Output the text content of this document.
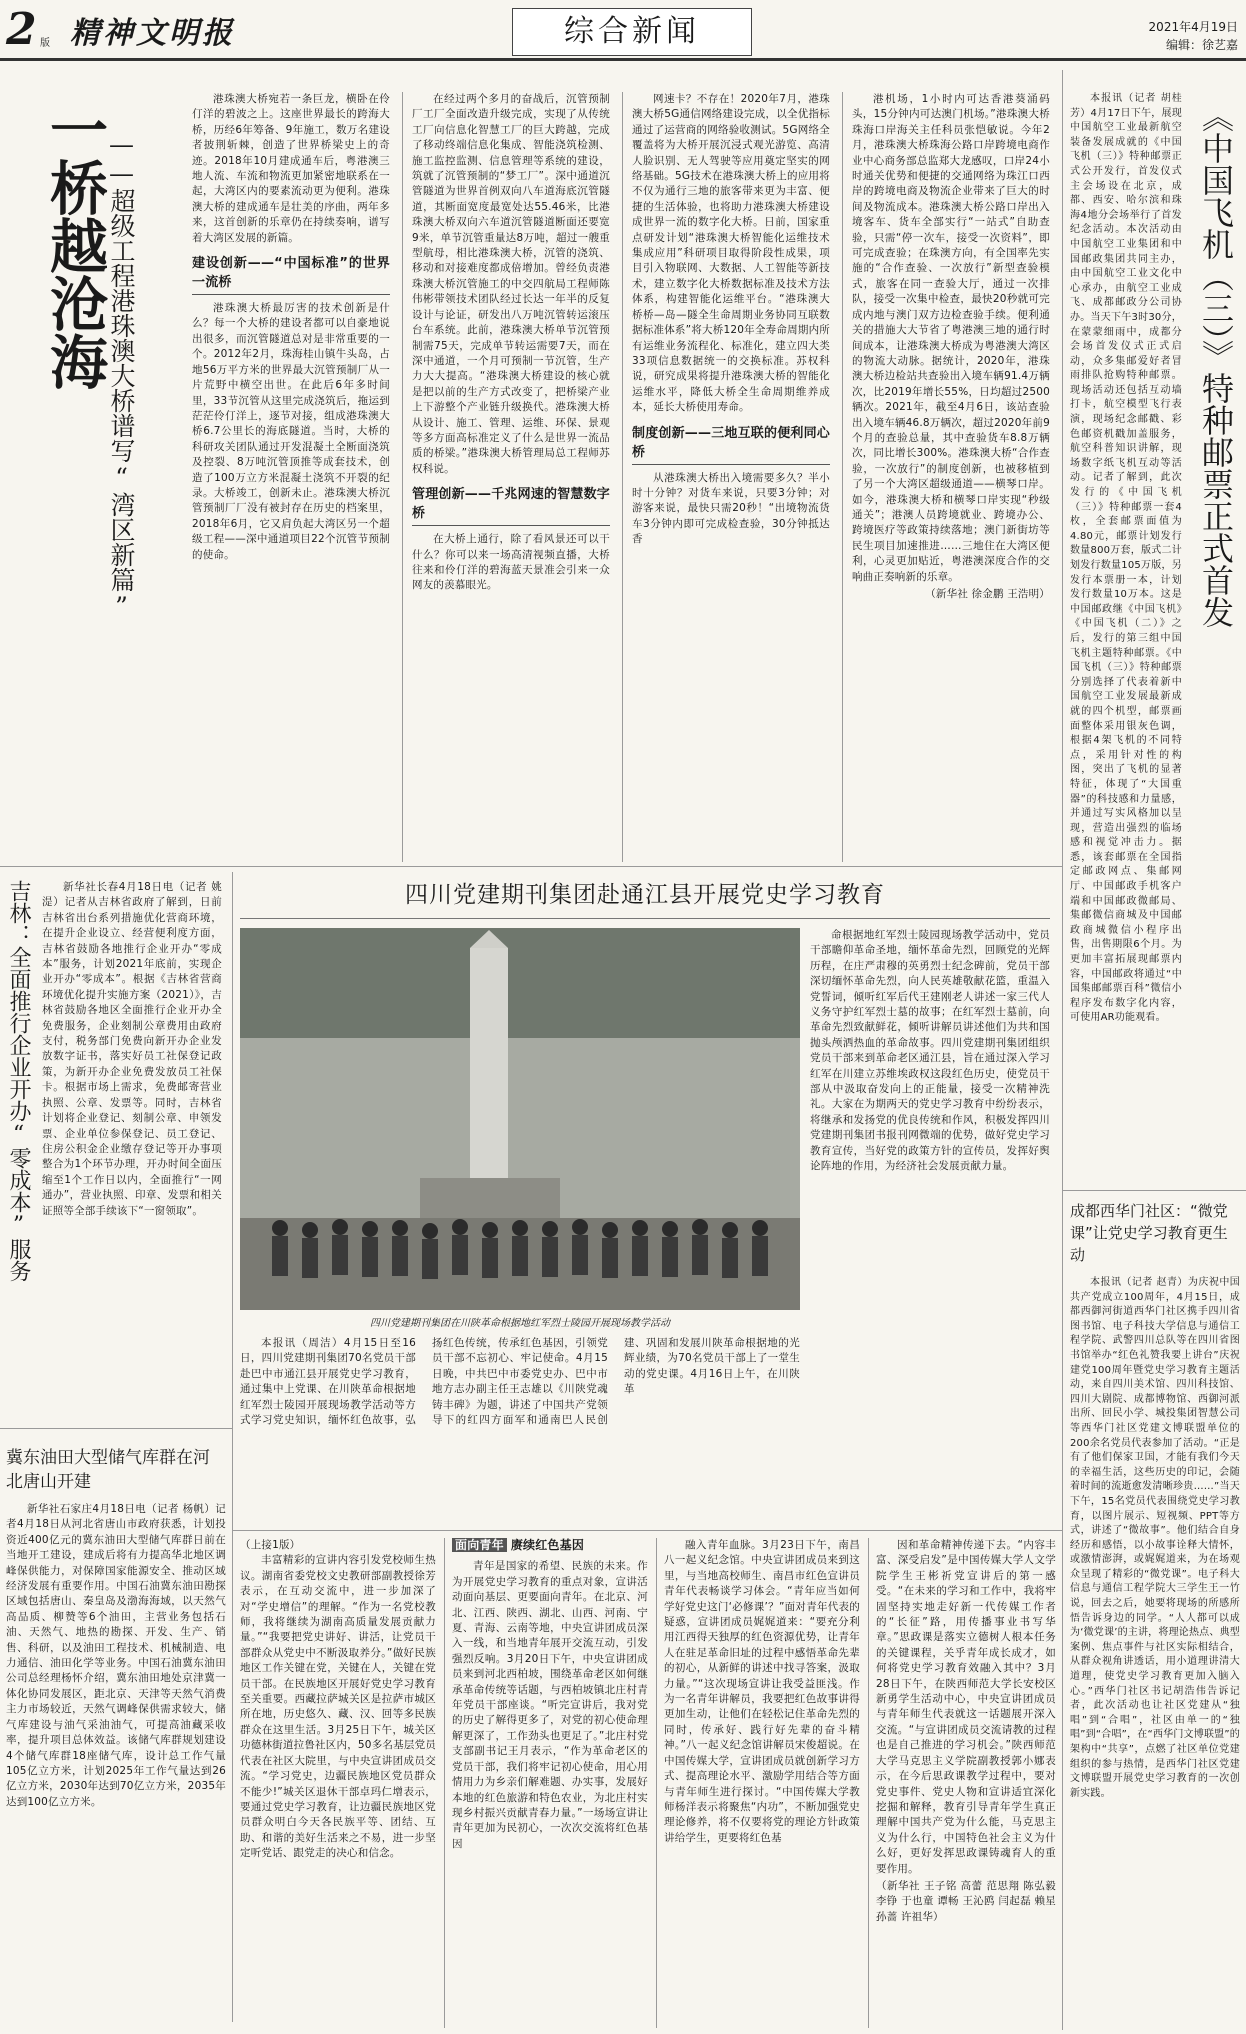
2 版 精神文明报	综合新闻	2021年4月19日
编辑：徐艺嘉
一桥越沧海 ——超级工程港珠澳大桥谱写“湾区新篇”

港珠澳大桥宛若一条巨龙，横卧在伶仃洋的碧波之上。这座世界最长的跨海大桥，历经6年筹备、9年施工，数万名建设者披荆斩棘，创造了世界桥梁史上的奇迹。2018年10月建成通车后，粤港澳三地人流、车流和物流更加紧密地联系在一起，大湾区内的要素流动更为便利。港珠澳大桥的建成通车是壮美的序曲，两年多来，这首创新的乐章仍在持续奏响，谱写着大湾区发展的新篇。

建设创新——“中国标准”的世界一流桥

港珠澳大桥最厉害的技术创新是什么？每一个大桥的建设者都可以自豪地说出很多，而沉管隧道总对是非常重要的一个。2012年2月，珠海桂山镇牛头岛，占地56万平方米的世界最大沉管预制厂从一片荒野中横空出世。在此后6年多时间里，33节沉管从这里完成浇筑后，拖运到茫茫伶仃洋上，逐节对接，组成港珠澳大桥6.7公里长的海底隧道。当时，大桥的科研攻关团队通过开发混凝土全断面浇筑及控裂、8万吨沉管顶推等成套技术，创造了100万立方米混凝土浇筑不开裂的纪录。大桥竣工，创新未止。港珠澳大桥沉管预制厂厂没有被封存在历史的档案里，2018年6月，它又肩负起大湾区另一个超级工程——深中通道项目22个沉管节预制的使命。

在经过两个多月的奋战后，沉管预制厂工厂全面改造升级完成，实现了从传统工厂向信息化智慧工厂的巨大跨越，完成了移动终端信息化集成、智能浇筑检测、施工监控监测、信息管理等系统的建设，筑就了沉管预制的“梦工厂”。深中通道沉管隧道为世界首例双向八车道海底沉管隧道，其断面宽度最宽处达55.46米，比港珠澳大桥双向六车道沉管隧道断面还要宽9米，单节沉管重量达8万吨，超过一艘重型航母，相比港珠澳大桥，沉管的浇筑、移动和对接难度都成倍增加。曾经负责港珠澳大桥沉管施工的中交四航局工程师陈伟彬带领技术团队经过长达一年半的反复设计与论证，研发出八万吨沉管转运滚压台车系统。此前，港珠澳大桥单节沉管预制需75天，完成单节转运需要7天，而在深中通道，一个月可预制一节沉管，生产力大大提高。“港珠澳大桥建设的核心就是把以前的生产方式改变了，把桥梁产业上下游整个产业链升级换代。港珠澳大桥从设计、施工、管理、运维、环保、景观等多方面高标准定义了什么是世界一流品质的桥梁。”港珠澳大桥管理局总工程师苏权科说。

管理创新——千兆网速的智慧数字桥

在大桥上通行，除了看风景还可以干什么？你可以来一场高清视频直播，大桥往来和伶仃洋的碧海蓝天景准会引来一众网友的羡慕眼光。

网速卡？不存在！2020年7月，港珠澳大桥5G通信网络建设完成，以全优指标通过了运营商的网络验收测试。5G网络全覆盖将为大桥开展沉浸式观光游览、高清人脸识别、无人驾驶等应用奠定坚实的网络基础。5G技术在港珠澳大桥上的应用将不仅为通行三地的旅客带来更为丰富、便捷的生活体验，也将助力港珠澳大桥建设成世界一流的数字化大桥。日前，国家重点研发计划“港珠澳大桥智能化运维技术集成应用”科研项目取得阶段性成果，项目引入物联网、大数据、人工智能等新技术，建立数字化大桥数据标准及技术方法体系，构建智能化运维平台。“港珠澳大桥桥—岛—隧全生命周期业务协同互联数据标准体系”将大桥120年全寿命周期内所有运维业务流程化、标准化，建立四大类33项信息数据统一的交换标准。苏权科说，研究成果将提升港珠澳大桥的智能化运维水平，降低大桥全生命周期维养成本，延长大桥使用寿命。

制度创新——三地互联的便利同心桥

从港珠澳大桥出入境需要多久？半小时十分钟？对货车来说，只要3分钟；对游客来说，最快只需20秒！“出境物流货车3分钟内即可完成检查验，30分钟抵达香

港机场，1小时内可达香港葵涌码头，15分钟内可达澳门机场。”港珠澳大桥珠海口岸海关主任科员张恺敏说。今年2月，港珠澳大桥珠海公路口岸跨境电商作业中心商务部总监郑大龙感叹，口岸24小时通关优势和便捷的交通网络为珠江口西岸的跨境电商及物流企业带来了巨大的时间及物流成本。港珠澳大桥公路口岸出入境客车、货车全部实行“一站式”自助查验，只需“停一次车，接受一次资料”，即可完成查验；在珠澳方向，有全国率先实施的“合作查验、一次放行”新型查验模式，旅客在同一查验大厅，通过一次排队，接受一次集中检查，最快20秒就可完成内地与澳门双方边检查验手续。便利通关的措施大大节省了粤港澳三地的通行时间成本，让港珠澳大桥成为粤港澳大湾区的物流大动脉。据统计，2020年，港珠澳大桥边检站共查验出入境车辆91.4万辆次，比2019年增长55%，日均超过2500辆次。2021年，截至4月6日，该站查验出入境车辆46.8万辆次，超过2020年前9个月的查验总量，其中查验货车8.8万辆次，同比增长300%。港珠澳大桥“合作查验，一次放行”的制度创新，也被移植到了另一个大湾区超级通道——横琴口岸。如今，港珠澳大桥和横琴口岸实现“秒级通关”；港澳人员跨境就业、跨境办公、跨境医疗等政策持续落地；澳门新街坊等民生项目加速推进……三地住在大湾区便利，心灵更加贴近，粤港澳深度合作的交响曲正奏响新的乐章。

（新华社 徐金鹏 王浩明）

本报讯（记者 胡桂芳）4月17日下午，展现中国航空工业最新航空装备发展成就的《中国飞机（三）》特种邮票正式公开发行，首发仪式主会场设在北京，成都、西安、哈尔滨和珠海4地分会场举行了首发纪念活动。本次活动由中国航空工业集团和中国邮政集团共同主办，由中国航空工业文化中心承办，由航空工业成飞、成都邮政分公司协办。当天下午3时30分，在蒙蒙细雨中，成都分会场首发仪式正式启动，众多集邮爱好者冒雨排队抢购特种邮票。现场活动还包括互动墙打卡，航空模型飞行表演，现场纪念邮戳、彩色邮资机戳加盖服务，航空科普知识讲解，现场数字纸飞机互动等活动。记者了解到，此次发行的《中国飞机（三）》特种邮票一套4枚，全套邮票面值为4.80元，邮票计划发行数量800万套，版式二计划发行数量105万版，另发行本票册一本，计划发行数量10万本。这是中国邮政继《中国飞机》《中国飞机（二）》之后，发行的第三组中国飞机主题特种邮票。《中国飞机（三）》特种邮票分别选择了代表着新中国航空工业发展最新成就的四个机型，邮票画面整体采用银灰色调，根据4架飞机的不同特点，采用针对性的构图，突出了飞机的显著特征，体现了“大国重器”的科技感和力量感，并通过写实风格加以呈现，营造出强烈的临场感和视觉冲击力。据悉，该套邮票在全国指定邮政网点、集邮网厅、中国邮政手机客户端和中国邮政微邮局、集邮微信商城及中国邮政商城微信小程序出售，出售期限6个月。为更加丰富拓展现邮票内容，中国邮政将通过“中国集邮邮票百科”微信小程序发布数字化内容，可使用AR功能观看。

《中国飞机（三）》特种邮票正式首发
吉林：全面推行企业开办“零成本”服务	新华社长春4月18日电（记者 姚湜）记者从吉林省政府了解到，日前吉林省出台系列措施优化营商环境，在提升企业设立、经营便利度方面，吉林省鼓励各地推行企业开办“零成本”服务，计划2021年底前，实现企业开办“零成本”。根据《吉林省营商环境优化提升实施方案（2021）》，吉林省鼓励各地区全面推行企业开办全免费服务，企业刻制公章费用由政府支付，税务部门免费向新开办企业发放数字证书，落实好员工社保登记政策，为新开办企业免费发放员工社保卡。根据市场上需求，免费邮寄营业执照、公章、发票等。同时，吉林省计划将企业登记、刻制公章、申领发票、企业单位参保登记、员工登记、住房公积金企业缴存登记等开办事项整合为1个环节办理，开办时间全面压缩至1个工作日以内，全面推行“一网通办”，营业执照、印章、发票和相关证照等全部手续该下“一窗领取”。

冀东油田大型储气库群在河北唐山开建

新华社石家庄4月18日电（记者 杨帆）记者4月18日从河北省唐山市政府获悉，计划投资近400亿元的冀东油田大型储气库群日前在当地开工建设，建成后将有力提高华北地区调峰保供能力，对保障国家能源安全、推动区域经济发展有重要作用。中国石油冀东油田勘探区域包括唐山、秦皇岛及渤海海域，以天然气高品质、柳赞等6个油田，主营业务包括石油、天然气、地热的勘探、开发、生产、销售、科研，以及油田工程技术、机械制造、电力通信、油田化学等业务。中国石油冀东油田公司总经理杨怀介绍，冀东油田地处京津冀一体化协同发展区，距北京、天津等天然气消费主力市场较近，天然气调峰保供需求较大，储气库建设与油气采油油气，可提高油藏采收率，提升项目总体效益。该储气库群规划建设4个储气库群18座储气库，设计总工作气量105亿立方米，计划2025年工作气量达到26亿立方米，2030年达到70亿立方米，2035年达到100亿立方米。

四川党建期刊集团赴通江县开展党史学习教育
四川党建期刊集团在川陕革命根据地红军烈士陵园开展现场教学活动

命根据地红军烈士陵园现场教学活动中，党员干部瞻仰革命圣地，缅怀革命先烈，回顾党的光辉历程，在庄严肃穆的英勇烈士纪念碑前，党员干部深切缅怀革命先烈，向人民英雄敬献花篮，重温入党誓词，倾听红军后代王建刚老人讲述一家三代人义务守护红军烈士墓的故事；在红军烈士墓前，向革命先烈致献鲜花，倾听讲解员讲述他们为共和国抛头颅洒热血的革命故事。四川党建期刊集团组织党员干部来到革命老区通江县，旨在通过深入学习红军在川建立苏维埃政权这段红色历史，使党员干部从中汲取奋发向上的正能量，接受一次精神洗礼。大家在为期两天的党史学习教育中纷纷表示，将继承和发扬党的优良传统和作风，积极发挥四川党建期刊集团书报刊网微端的优势，做好党史学习教育宣传，当好党的政策方针的宣传员，发挥好舆论阵地的作用，为经济社会发展贡献力量。

本报讯（周洁）4月15日至16日，四川党建期刊集团70名党员干部赴巴中市通江县开展党史学习教育，通过集中上党课、在川陕革命根据地红军烈士陵园开展现场教学活动等方式学习党史知识，缅怀红色故事，弘扬红色传统，传承红色基因，引领党员干部不忘初心、牢记使命。4月15日晚，中共巴中市委党史办、巴中市地方志办副主任王志雄以《川陕党魂铸丰碑》为题，讲述了中国共产党领导下的红四方面军和通南巴人民创建、巩固和发展川陕革命根据地的光辉业绩，为70名党员干部上了一堂生动的党史课。4月16日上午，在川陕革

（上接1版）

丰富精彩的宣讲内容引发党校师生热议。湖南省委党校文史教研部副教授徐芳表示，在互动交流中，进一步加深了对“学史增信”的理解。“作为一名党校教师，我将继续为湖南高质量发展贡献力量。”“我要把党史讲好、讲活，让党员干部群众从党史中不断汲取养分。”做好民族地区工作关键在党，关键在人，关键在党员干部。在民族地区开展好党史学习教育至关重要。西藏拉萨城关区是拉萨市城区所在地，历史悠久、藏、汉、回等多民族群众在这里生活。3月25日下午，城关区功德林街道拉鲁社区内，50多名基层党员代表在社区大院里，与中央宣讲团成员交流。“学习党史，边疆民族地区党员群众不能少!”城关区退休干部卓玛仁增表示，要通过党史学习教育，让边疆民族地区党员群众明白今天各民族平等、团结、互助、和谐的美好生活来之不易，进一步坚定听党话、跟党走的决心和信念。

面向青年 赓续红色基因

青年是国家的希望、民族的未来。作为开展党史学习教育的重点对象，宣讲活动面向基层、更要面向青年。在北京、河北、江西、陕西、湖北、山西、河南、宁夏、青海、云南等地，中央宣讲团成员深入一线，和当地青年展开交流互动，引发强烈反响。3月20日下午，中央宣讲团成员来到河北西柏坡，围绕革命老区如何继承革命传统等话题，与西柏坡镇北庄村青年党员干部座谈。“听完宣讲后，我对党的历史了解得更多了，对党的初心使命理解更深了，工作劲头也更足了。”北庄村党支部副书记王月表示，“作为革命老区的党员干部，我们将牢记初心使命，用心用情用力为乡亲们解难题、办实事，发展好本地的红色旅游和特色农业，为北庄村实现乡村振兴贡献青春力量。”一场场宣讲让青年更加为民初心，一次次交流将红色基因

融入青年血脉。3月23日下午，南昌八一起义纪念馆。中央宣讲团成员来到这里，与当地高校师生、南昌市红色宣讲员青年代表畅谈学习体会。“青年应当如何学好党史这门‘必修课’？”面对青年代表的疑惑，宣讲团成员娓娓道来：“要充分利用江西得天独厚的红色资源优势，让青年人在驻足革命旧址的过程中感悟革命先辈的初心，从新鲜的讲述中找寻答案，汲取力量。”“这次现场宣讲让我受益匪浅。作为一名青年讲解员，我要把红色故事讲得更加生动，让他们在轻松记住革命先烈的同时，传承好、践行好先辈的奋斗精神。”八一起义纪念馆讲解员宋俊超说。在中国传媒大学，宣讲团成员就创新学习方式、提高理论水平、激励学用结合等方面与青年师生进行探讨。“中国传媒大学教师杨洋表示将聚焦“内功”，不断加强党史理论修养，将不仅要将党的理论方针政策讲给学生，更要将红色基

因和革命精神传递下去。“内容丰富、深受启发”是中国传媒大学人文学院学生王彬祈党宣讲后的第一感受。“在未来的学习和工作中，我将牢固坚持实地走好新一代传媒工作者的“长征”路，用传播事业书写华章。”思政课是落实立德树人根本任务的关键课程，关乎青年成长成才，如何将党史学习教育效融入其中？3月28日下午，在陕西师范大学长安校区新勇学生活动中心，中央宣讲团成员与青年师生代表就这一话题展开深入交流。“与宣讲团成员交流请教的过程也是自己推进的学习机会。”陕西师范大学马克思主义学院副教授郭小娜表示，在今后思政课教学过程中，要对党史事件、党史人物和宣讲适宜深化挖掘和解释，教育引导青年学生真正理解中国共产党为什么能，马克思主义为什么行，中国特色社会主义为什么好，更好发挥思政课铸魂育人的重要作用。

（新华社 王子铭 高蕾 范思翔 陈弘毅 李铮 于也童 谭畅 王沁鸥 闫起磊 赖星 孙蔷 许祖华）
成都西华门社区：“微党课”让党史学习教育更生动

本报讯（记者 赵青）为庆祝中国共产党成立100周年，4月15日，成都西御河街道西华门社区携手四川省图书馆、电子科技大学信息与通信工程学院、武警四川总队等在四川省图书馆举办“红色礼赞我要上讲台”庆祝建党100周年暨党史学习教育主题活动，来自四川美术馆、四川科技馆、四川大剧院、成都博物馆、西御河派出所、回民小学、城投集团智慧公司等西华门社区党建文博联盟单位的200余名党员代表参加了活动。“正是有了他们保家卫国，才能有我们今天的幸福生活，这些历史的印记，会随着时间的流逝愈发清晰珍贵……”当天下午，15名党员代表围绕党史学习教育，以图片展示、短视频、PPT等方式，讲述了“微故事”。他们结合自身经历和感悟，以小故事诠释大情怀，或激情澎湃，或娓娓道来，为在场观众呈现了精彩的“微党课”。电子科大信息与通信工程学院大三学生王一竹说，回去之后，她要将现场的所感所悟告诉身边的同学。“人人都可以成为‘微党课’的主讲，将理论热点、典型案例、焦点事件与社区实际相结合，从群众视角讲透话，用小道理讲清大道理，使党史学习教育更加入脑入心。”西华门社区书记胡浩伟告诉记者，此次活动也让社区党建从“独唱”到“合唱”，社区由单一的“独唱”到“合唱”，在“西华门文博联盟”的架构中“共享”，点燃了社区单位党建组织的参与热情，是西华门社区党建文博联盟开展党史学习教育的一次创新实践。
